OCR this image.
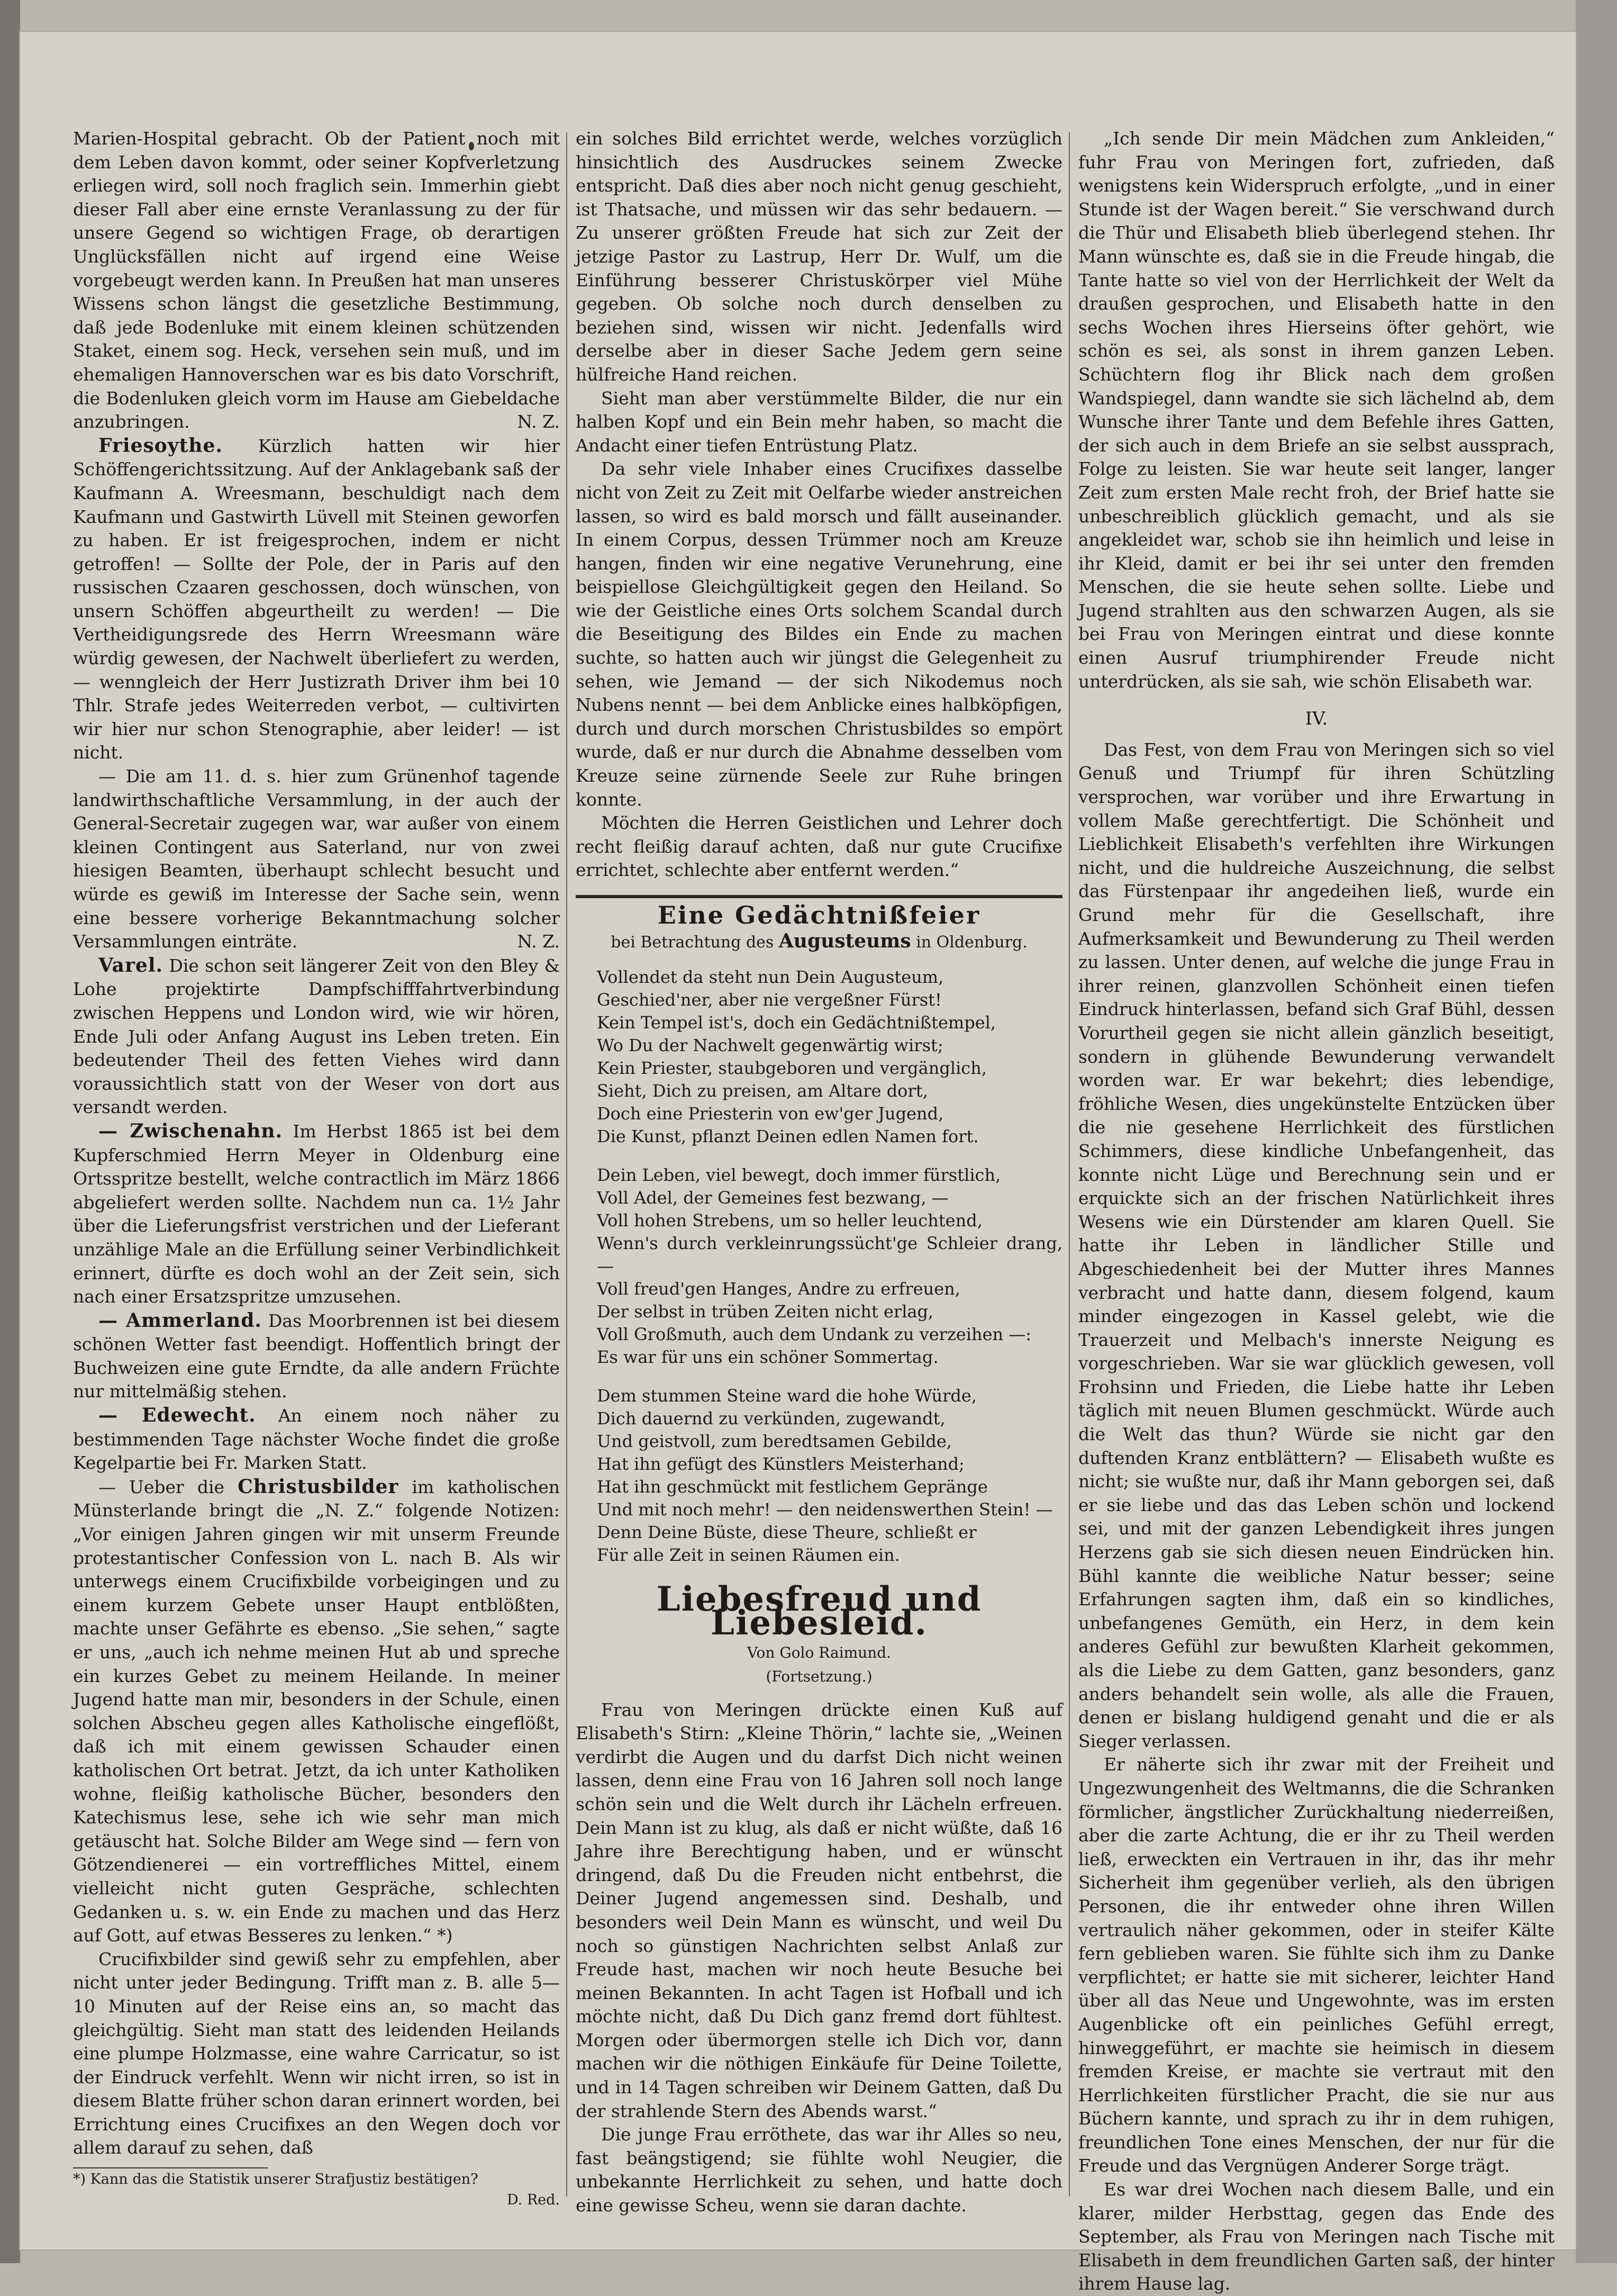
Marien-Hospital gebracht. Ob der Patient noch mit dem Leben davon kommt, oder seiner Kopfverletzung erliegen wird, soll noch fraglich sein. Immerhin giebt dieser Fall aber eine ernste Veranlassung zu der für unsere Gegend so wichtigen Frage, ob derartigen Unglücksfällen nicht auf irgend eine Weise vorgebeugt werden kann. In Preußen hat man unseres Wissens schon längst die gesetzliche Bestimmung, daß jede Bodenluke mit einem kleinen schützenden Staket, einem sog. Heck, versehen sein muß, und im ehemaligen Hannoverschen war es bis dato Vorschrift, die Bodenluken gleich vorm im Hause am Giebeldache anzubringen.	N. Z.

Friesoythe. Kürzlich hatten wir hier Schöffengerichtssitzung. Auf der Anklagebank saß der Kaufmann A. Wreesmann, beschuldigt nach dem Kaufmann und Gastwirth Lüvell mit Steinen geworfen zu haben. Er ist freigesprochen, indem er nicht getroffen! — Sollte der Pole, der in Paris auf den russischen Czaaren geschossen, doch wünschen, von unsern Schöffen abgeurtheilt zu werden! — Die Vertheidigungsrede des Herrn Wreesmann wäre würdig gewesen, der Nachwelt überliefert zu werden, — wenngleich der Herr Justizrath Driver ihm bei 10 Thlr. Strafe jedes Weiterreden verbot, — cultivirten wir hier nur schon Stenographie, aber leider! — ist nicht.

— Die am 11. d. s. hier zum Grünenhof tagende landwirthschaftliche Versammlung, in der auch der General-Secretair zugegen war, war außer von einem kleinen Contingent aus Saterland, nur von zwei hiesigen Beamten, überhaupt schlecht besucht und würde es gewiß im Interesse der Sache sein, wenn eine bessere vorherige Bekanntmachung solcher Versammlungen einträte.	N. Z.

Varel. Die schon seit längerer Zeit von den Bley & Lohe projektirte Dampfschifffahrtverbindung zwischen Heppens und London wird, wie wir hören, Ende Juli oder Anfang August ins Leben treten. Ein bedeutender Theil des fetten Viehes wird dann voraussichtlich statt von der Weser von dort aus versandt werden.

— Zwischenahn. Im Herbst 1865 ist bei dem Kupferschmied Herrn Meyer in Oldenburg eine Ortsspritze bestellt, welche contractlich im März 1866 abgeliefert werden sollte. Nachdem nun ca. 1½ Jahr über die Lieferungsfrist verstrichen und der Lieferant unzählige Male an die Erfüllung seiner Verbindlichkeit erinnert, dürfte es doch wohl an der Zeit sein, sich nach einer Ersatzspritze umzusehen.

— Ammerland. Das Moorbrennen ist bei diesem schönen Wetter fast beendigt. Hoffentlich bringt der Buchweizen eine gute Erndte, da alle andern Früchte nur mittelmäßig stehen.

— Edewecht. An einem noch näher zu bestimmenden Tage nächster Woche findet die große Kegelpartie bei Fr. Marken Statt.

— Ueber die Christusbilder im katholischen Münsterlande bringt die „N. Z.“ folgende Notizen: „Vor einigen Jahren gingen wir mit unserm Freunde protestantischer Confession von L. nach B. Als wir unterwegs einem Crucifixbilde vorbeigingen und zu einem kurzem Gebete unser Haupt entblößten, machte unser Gefährte es ebenso. „Sie sehen,“ sagte er uns, „auch ich nehme meinen Hut ab und spreche ein kurzes Gebet zu meinem Heilande. In meiner Jugend hatte man mir, besonders in der Schule, einen solchen Abscheu gegen alles Katholische eingeflößt, daß ich mit einem gewissen Schauder einen katholischen Ort betrat. Jetzt, da ich unter Katholiken wohne, fleißig katholische Bücher, besonders den Katechismus lese, sehe ich wie sehr man mich getäuscht hat. Solche Bilder am Wege sind — fern von Götzendienerei — ein vortreffliches Mittel, einem vielleicht nicht guten Gespräche, schlechten Gedanken u. s. w. ein Ende zu machen und das Herz auf Gott, auf etwas Besseres zu lenken.“ *)

Crucifixbilder sind gewiß sehr zu empfehlen, aber nicht unter jeder Bedingung. Trifft man z. B. alle 5—10 Minuten auf der Reise eins an, so macht das gleichgültig. Sieht man statt des leidenden Heilands eine plumpe Holzmasse, eine wahre Carricatur, so ist der Eindruck verfehlt. Wenn wir nicht irren, so ist in diesem Blatte früher schon daran erinnert worden, bei Errichtung eines Crucifixes an den Wegen doch vor allem darauf zu sehen, daß

*) Kann das die Statistik unserer Strafjustiz bestätigen?
D. Red.

ein solches Bild errichtet werde, welches vorzüglich hinsichtlich des Ausdruckes seinem Zwecke entspricht. Daß dies aber noch nicht genug geschieht, ist Thatsache, und müssen wir das sehr bedauern. — Zu unserer größten Freude hat sich zur Zeit der jetzige Pastor zu Lastrup, Herr Dr. Wulf, um die Einführung besserer Christuskörper viel Mühe gegeben. Ob solche noch durch denselben zu beziehen sind, wissen wir nicht. Jedenfalls wird derselbe aber in dieser Sache Jedem gern seine hülfreiche Hand reichen.

Sieht man aber verstümmelte Bilder, die nur ein halben Kopf und ein Bein mehr haben, so macht die Andacht einer tiefen Entrüstung Platz.

Da sehr viele Inhaber eines Crucifixes dasselbe nicht von Zeit zu Zeit mit Oelfarbe wieder anstreichen lassen, so wird es bald morsch und fällt auseinander. In einem Corpus, dessen Trümmer noch am Kreuze hangen, finden wir eine negative Verunehrung, eine beispiellose Gleichgültigkeit gegen den Heiland. So wie der Geistliche eines Orts solchem Scandal durch die Beseitigung des Bildes ein Ende zu machen suchte, so hatten auch wir jüngst die Gelegenheit zu sehen, wie Jemand — der sich Nikodemus noch Nubens nennt — bei dem Anblicke eines halbköpfigen, durch und durch morschen Christusbildes so empört wurde, daß er nur durch die Abnahme desselben vom Kreuze seine zürnende Seele zur Ruhe bringen konnte.

Möchten die Herren Geistlichen und Lehrer doch recht fleißig darauf achten, daß nur gute Crucifixe errichtet, schlechte aber entfernt werden.“

Eine Gedächtnißfeier
bei Betrachtung des Augusteums in Oldenburg.
Vollendet da steht nun Dein Augusteum,
Geschied'ner, aber nie vergeßner Fürst!
Kein Tempel ist's, doch ein Gedächtnißtempel,
Wo Du der Nachwelt gegenwärtig wirst;
Kein Priester, staubgeboren und vergänglich,
Sieht, Dich zu preisen, am Altare dort,
Doch eine Priesterin von ew'ger Jugend,
Die Kunst, pflanzt Deinen edlen Namen fort.
Dein Leben, viel bewegt, doch immer fürstlich,
Voll Adel, der Gemeines fest bezwang, —
Voll hohen Strebens, um so heller leuchtend,
Wenn's durch verkleinrungssücht'ge Schleier drang, —
Voll freud'gen Hanges, Andre zu erfreuen,
Der selbst in trüben Zeiten nicht erlag,
Voll Großmuth, auch dem Undank zu verzeihen —:
Es war für uns ein schöner Sommertag.
Dem stummen Steine ward die hohe Würde,
Dich dauernd zu verkünden, zugewandt,
Und geistvoll, zum beredtsamen Gebilde,
Hat ihn gefügt des Künstlers Meisterhand;
Hat ihn geschmückt mit festlichem Gepränge
Und mit noch mehr! — den neidenswerthen Stein! —
Denn Deine Büste, diese Theure, schließt er
Für alle Zeit in seinen Räumen ein.
Liebesfreud und Liebesleid.
Von Golo Raimund.
(Fortsetzung.)

Frau von Meringen drückte einen Kuß auf Elisabeth's Stirn: „Kleine Thörin,“ lachte sie, „Weinen verdirbt die Augen und du darfst Dich nicht weinen lassen, denn eine Frau von 16 Jahren soll noch lange schön sein und die Welt durch ihr Lächeln erfreuen. Dein Mann ist zu klug, als daß er nicht wüßte, daß 16 Jahre ihre Berechtigung haben, und er wünscht dringend, daß Du die Freuden nicht entbehrst, die Deiner Jugend angemessen sind. Deshalb, und besonders weil Dein Mann es wünscht, und weil Du noch so günstigen Nachrichten selbst Anlaß zur Freude hast, machen wir noch heute Besuche bei meinen Bekannten. In acht Tagen ist Hofball und ich möchte nicht, daß Du Dich ganz fremd dort fühltest. Morgen oder übermorgen stelle ich Dich vor, dann machen wir die nöthigen Einkäufe für Deine Toilette, und in 14 Tagen schreiben wir Deinem Gatten, daß Du der strahlende Stern des Abends warst.“

Die junge Frau erröthete, das war ihr Alles so neu, fast beängstigend; sie fühlte wohl Neugier, die unbekannte Herrlichkeit zu sehen, und hatte doch eine gewisse Scheu, wenn sie daran dachte.

„Ich sende Dir mein Mädchen zum Ankleiden,“ fuhr Frau von Meringen fort, zufrieden, daß wenigstens kein Widerspruch erfolgte, „und in einer Stunde ist der Wagen bereit.“ Sie verschwand durch die Thür und Elisabeth blieb überlegend stehen. Ihr Mann wünschte es, daß sie in die Freude hingab, die Tante hatte so viel von der Herrlichkeit der Welt da draußen gesprochen, und Elisabeth hatte in den sechs Wochen ihres Hierseins öfter gehört, wie schön es sei, als sonst in ihrem ganzen Leben. Schüchtern flog ihr Blick nach dem großen Wandspiegel, dann wandte sie sich lächelnd ab, dem Wunsche ihrer Tante und dem Befehle ihres Gatten, der sich auch in dem Briefe an sie selbst aussprach, Folge zu leisten. Sie war heute seit langer, langer Zeit zum ersten Male recht froh, der Brief hatte sie unbeschreiblich glücklich gemacht, und als sie angekleidet war, schob sie ihn heimlich und leise in ihr Kleid, damit er bei ihr sei unter den fremden Menschen, die sie heute sehen sollte. Liebe und Jugend strahlten aus den schwarzen Augen, als sie bei Frau von Meringen eintrat und diese konnte einen Ausruf triumphirender Freude nicht unterdrücken, als sie sah, wie schön Elisabeth war.

IV.

Das Fest, von dem Frau von Meringen sich so viel Genuß und Triumpf für ihren Schützling versprochen, war vorüber und ihre Erwartung in vollem Maße gerechtfertigt. Die Schönheit und Lieblichkeit Elisabeth's verfehlten ihre Wirkungen nicht, und die huldreiche Auszeichnung, die selbst das Fürstenpaar ihr angedeihen ließ, wurde ein Grund mehr für die Gesellschaft, ihre Aufmerksamkeit und Bewunderung zu Theil werden zu lassen. Unter denen, auf welche die junge Frau in ihrer reinen, glanzvollen Schönheit einen tiefen Eindruck hinterlassen, befand sich Graf Bühl, dessen Vorurtheil gegen sie nicht allein gänzlich beseitigt, sondern in glühende Bewunderung verwandelt worden war. Er war bekehrt; dies lebendige, fröhliche Wesen, dies ungekünstelte Entzücken über die nie gesehene Herrlichkeit des fürstlichen Schimmers, diese kindliche Unbefangenheit, das konnte nicht Lüge und Berechnung sein und er erquickte sich an der frischen Natürlichkeit ihres Wesens wie ein Dürstender am klaren Quell. Sie hatte ihr Leben in ländlicher Stille und Abgeschiedenheit bei der Mutter ihres Mannes verbracht und hatte dann, diesem folgend, kaum minder eingezogen in Kassel gelebt, wie die Trauerzeit und Melbach's innerste Neigung es vorgeschrieben. War sie war glücklich gewesen, voll Frohsinn und Frieden, die Liebe hatte ihr Leben täglich mit neuen Blumen geschmückt. Würde auch die Welt das thun? Würde sie nicht gar den duftenden Kranz entblättern? — Elisabeth wußte es nicht; sie wußte nur, daß ihr Mann geborgen sei, daß er sie liebe und das das Leben schön und lockend sei, und mit der ganzen Lebendigkeit ihres jungen Herzens gab sie sich diesen neuen Eindrücken hin. Bühl kannte die weibliche Natur besser; seine Erfahrungen sagten ihm, daß ein so kindliches, unbefangenes Gemüth, ein Herz, in dem kein anderes Gefühl zur bewußten Klarheit gekommen, als die Liebe zu dem Gatten, ganz besonders, ganz anders behandelt sein wolle, als alle die Frauen, denen er bislang huldigend genaht und die er als Sieger verlassen.

Er näherte sich ihr zwar mit der Freiheit und Ungezwungenheit des Weltmanns, die die Schranken förmlicher, ängstlicher Zurückhaltung niederreißen, aber die zarte Achtung, die er ihr zu Theil werden ließ, erweckten ein Vertrauen in ihr, das ihr mehr Sicherheit ihm gegenüber verlieh, als den übrigen Personen, die ihr entweder ohne ihren Willen vertraulich näher gekommen, oder in steifer Kälte fern geblieben waren. Sie fühlte sich ihm zu Danke verpflichtet; er hatte sie mit sicherer, leichter Hand über all das Neue und Ungewohnte, was im ersten Augenblicke oft ein peinliches Gefühl erregt, hinweggeführt, er machte sie heimisch in diesem fremden Kreise, er machte sie vertraut mit den Herrlichkeiten fürstlicher Pracht, die sie nur aus Büchern kannte, und sprach zu ihr in dem ruhigen, freundlichen Tone eines Menschen, der nur für die Freude und das Vergnügen Anderer Sorge trägt.

Es war drei Wochen nach diesem Balle, und ein klarer, milder Herbsttag, gegen das Ende des September, als Frau von Meringen nach Tische mit Elisabeth in dem freundlichen Garten saß, der hinter ihrem Hause lag.
